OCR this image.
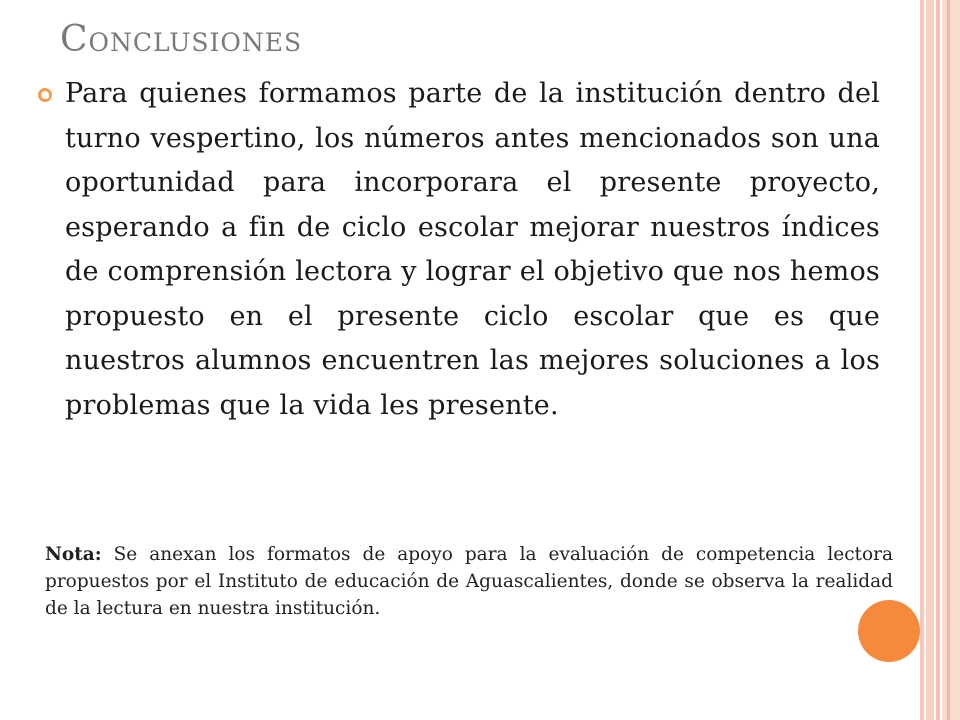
Conclusiones
Para quienes formamos parte de la institución dentro del turno vespertino, los números antes mencionados son una oportunidad para incorporara el presente proyecto, esperando a fin de ciclo escolar mejorar nuestros índices de comprensión lectora y lograr el objetivo que nos hemos propuesto en el presente ciclo escolar que es que nuestros alumnos encuentren las mejores soluciones a los problemas que la vida les presente.
Nota: Se anexan los formatos de apoyo para la evaluación de competencia lectora propuestos por el Instituto de educación de Aguascalientes, donde se observa la realidad de la lectura en nuestra institución.
